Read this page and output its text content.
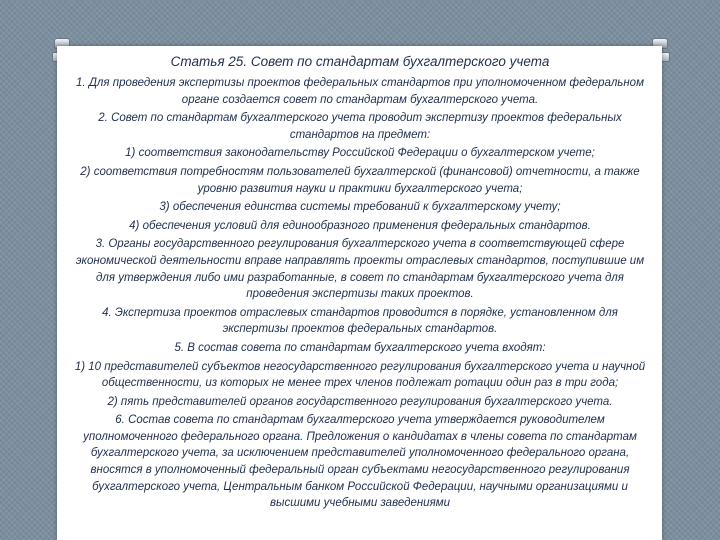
Статья 25. Совет по стандартам бухгалтерского учета
1. Для проведения экспертизы проектов федеральных стандартов при уполномоченном федеральном органе создается совет по стандартам бухгалтерского учета.
2. Совет по стандартам бухгалтерского учета проводит экспертизу проектов федеральных стандартов на предмет:
1) соответствия законодательству Российской Федерации о бухгалтерском учете;
2) соответствия потребностям пользователей бухгалтерской (финансовой) отчетности, а также уровню развития науки и практики бухгалтерского учета;
3) обеспечения единства системы требований к бухгалтерскому учету;
4) обеспечения условий для единообразного применения федеральных стандартов.
3. Органы государственного регулирования бухгалтерского учета в соответствующей сфере экономической деятельности вправе направлять проекты отраслевых стандартов, поступившие им для утверждения либо ими разработанные, в совет по стандартам бухгалтерского учета для проведения экспертизы таких проектов.
4. Экспертиза проектов отраслевых стандартов проводится в порядке, установленном для экспертизы проектов федеральных стандартов.
5. В состав совета по стандартам бухгалтерского учета входят:
1) 10 представителей субъектов негосударственного регулирования бухгалтерского учета и научной общественности, из которых не менее трех членов подлежат ротации один раз в три года;
2) пять представителей органов государственного регулирования бухгалтерского учета.
6. Состав совета по стандартам бухгалтерского учета утверждается руководителем уполномоченного федерального органа. Предложения о кандидатах в члены совета по стандартам бухгалтерского учета, за исключением представителей уполномоченного федерального органа, вносятся в уполномоченный федеральный орган субъектами негосударственного регулирования бухгалтерского учета, Центральным банком Российской Федерации, научными организациями и высшими учебными заведениями
